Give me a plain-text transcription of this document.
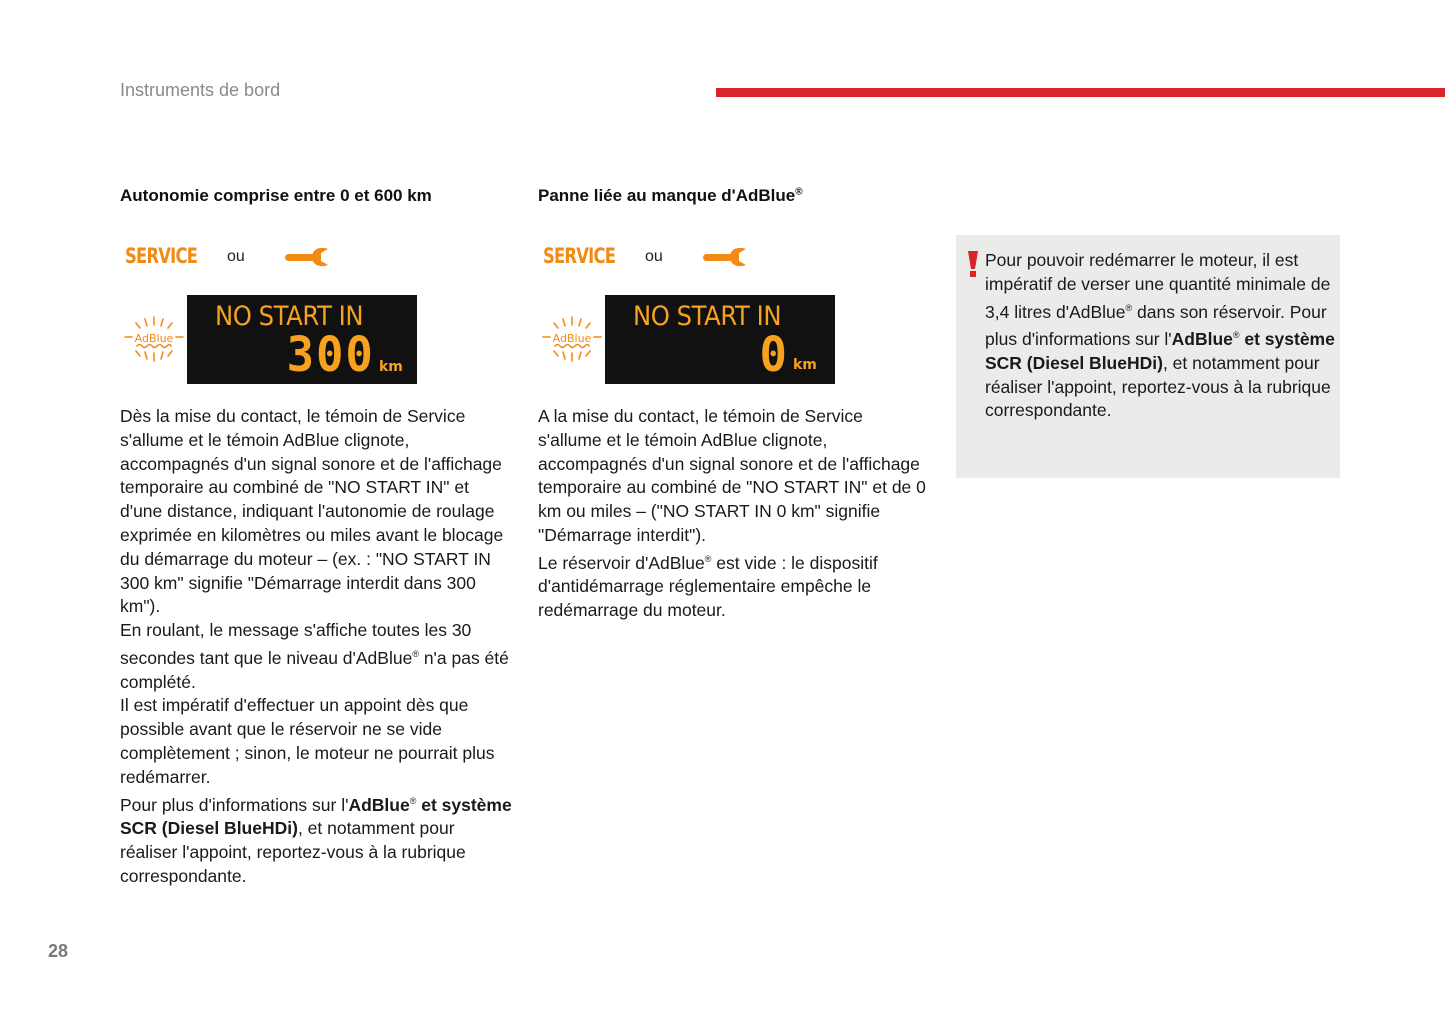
Instruments de bord
Autonomie comprise entre 0 et 600 km
SERVICE ou
AdBlue
NO START IN
300 km

Dès la mise du contact, le témoin de Service s'allume et le témoin AdBlue clignote, accompagnés d'un signal sonore et de l'affichage temporaire au combiné de "NO START IN" et d'une distance, indiquant l'autonomie de roulage exprimée en kilomètres ou miles avant le blocage du démarrage du moteur – (ex. : "NO START IN 300 km" signifie "Démarrage interdit dans 300 km").

En roulant, le message s'affiche toutes les 30 secondes tant que le niveau d'AdBlue® n'a pas été complété.

Il est impératif d'effectuer un appoint dès que possible avant que le réservoir ne se vide complètement ; sinon, le moteur ne pourrait plus redémarrer.

Pour plus d'informations sur l'AdBlue® et système SCR (Diesel BlueHDi), et notamment pour réaliser l'appoint, reportez-vous à la rubrique correspondante.

Panne liée au manque d'AdBlue®
SERVICE ou
AdBlue
NO START IN
0 km

A la mise du contact, le témoin de Service s'allume et le témoin AdBlue clignote, accompagnés d'un signal sonore et de l'affichage temporaire au combiné de "NO START IN" et de 0 km ou miles – ("NO START IN 0 km" signifie "Démarrage interdit").

Le réservoir d'AdBlue® est vide : le dispositif d'antidémarrage réglementaire empêche le redémarrage du moteur.

Pour pouvoir redémarrer le moteur, il est impératif de verser une quantité minimale de 3,4 litres d'AdBlue® dans son réservoir. Pour plus d'informations sur l'AdBlue® et système SCR (Diesel BlueHDi), et notamment pour réaliser l'appoint, reportez-vous à la rubrique correspondante.

28
